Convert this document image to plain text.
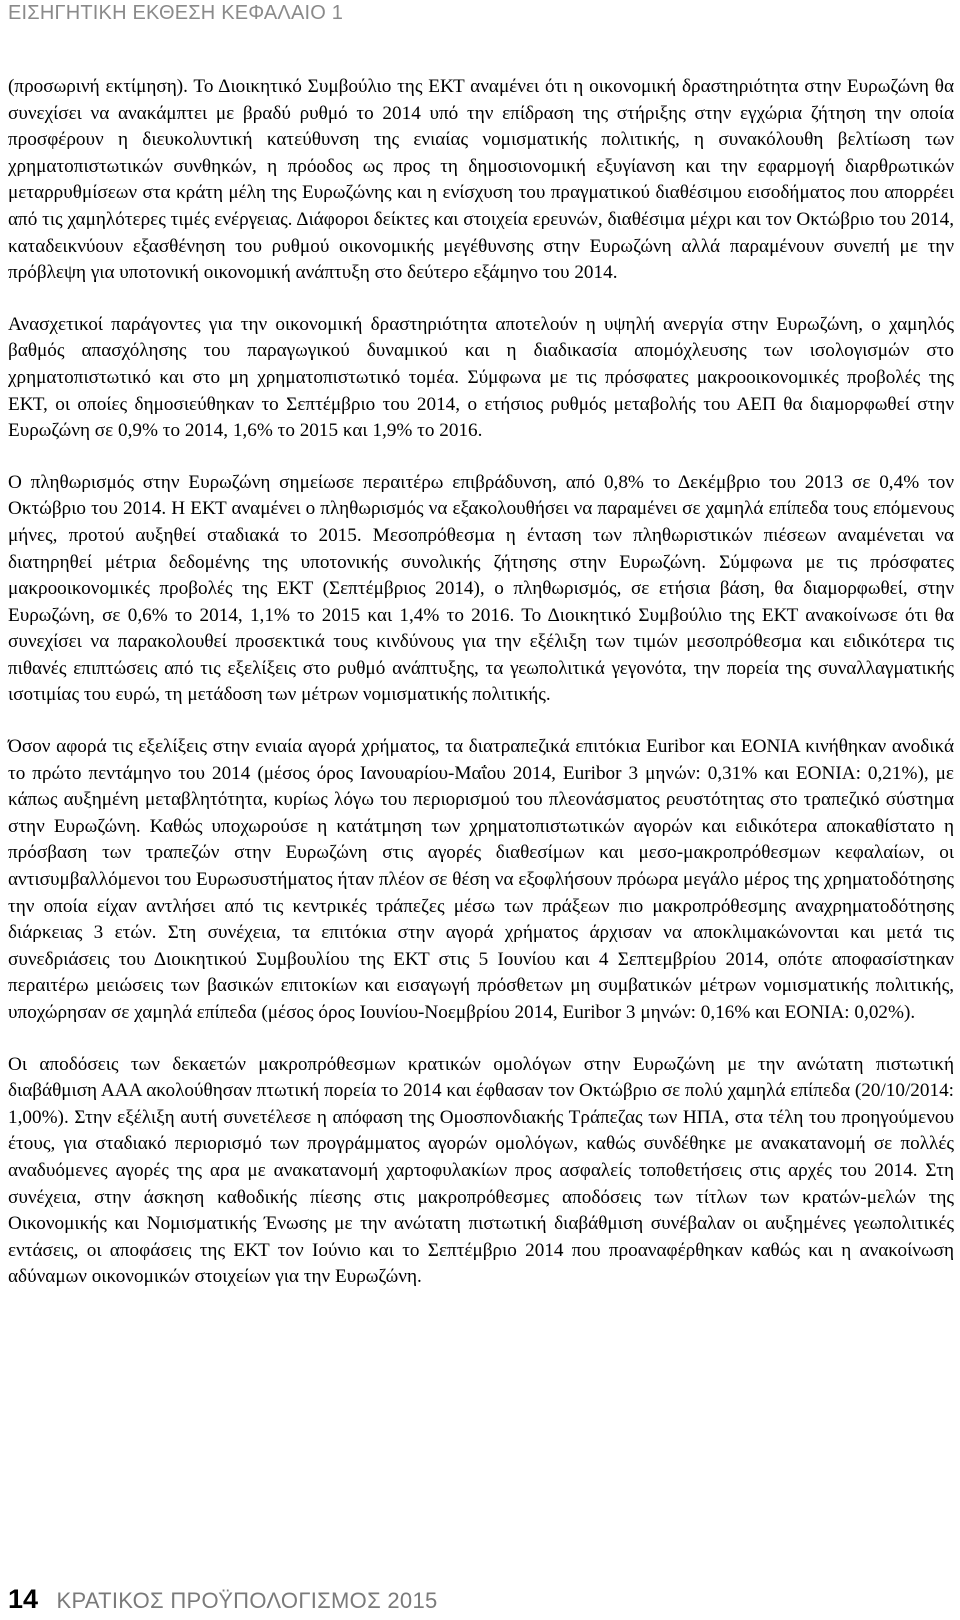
ΕΙΣΗΓΗΤΙΚΗ ΕΚΘΕΣΗ ΚΕΦΑΛΑΙΟ 1

(προσωρινή εκτίμηση). Το Διοικητικό Συμβούλιο της ΕΚΤ αναμένει ότι η οικονομική δραστηριότητα στην Ευρωζώνη θα συνεχίσει να ανακάμπτει με βραδύ ρυθμό το 2014 υπό την επίδραση της στήριξης στην εγχώρια ζήτηση την οποία προσφέρουν η διευκολυντική κατεύθυνση της ενιαίας νομισματικής πολιτικής, η συνακόλουθη βελτίωση των χρηματοπιστωτικών συνθηκών, η πρόοδος ως προς τη δημοσιονομική εξυγίανση και την εφαρμογή διαρθρωτικών μεταρρυθμίσεων στα κράτη μέλη της Ευρωζώνης και η ενίσχυση του πραγματικού διαθέσιμου εισοδήματος που απορρέει από τις χαμηλότερες τιμές ενέργειας. Διάφοροι δείκτες και στοιχεία ερευνών, διαθέσιμα μέχρι και τον Οκτώβριο του 2014, καταδεικνύουν εξασθένηση του ρυθμού οικονομικής μεγέθυνσης στην Ευρωζώνη αλλά παραμένουν συνεπή με την πρόβλεψη για υποτονική οικονομική ανάπτυξη στο δεύτερο εξάμηνο του 2014.

Ανασχετικοί παράγοντες για την οικονομική δραστηριότητα αποτελούν η υψηλή ανεργία στην Ευρωζώνη, ο χαμηλός βαθμός απασχόλησης του παραγωγικού δυναμικού και η διαδικασία απομόχλευσης των ισολογισμών στο χρηματοπιστωτικό και στο μη χρηματοπιστωτικό τομέα. Σύμφωνα με τις πρόσφατες μακροοικονομικές προβολές της ΕΚΤ, οι οποίες δημοσιεύθηκαν το Σεπτέμβριο του 2014, ο ετήσιος ρυθμός μεταβολής του ΑΕΠ θα διαμορφωθεί στην Ευρωζώνη σε 0,9% το 2014, 1,6% το 2015 και 1,9% το 2016.

Ο πληθωρισμός στην Ευρωζώνη σημείωσε περαιτέρω επιβράδυνση, από 0,8% το Δεκέμβριο του 2013 σε 0,4% τον Οκτώβριο του 2014. Η ΕΚΤ αναμένει ο πληθωρισμός να εξακολουθήσει να παραμένει σε χαμηλά επίπεδα τους επόμενους μήνες, προτού αυξηθεί σταδιακά το 2015. Μεσοπρόθεσμα η ένταση των πληθωριστικών πιέσεων αναμένεται να διατηρηθεί μέτρια δεδομένης της υποτονικής συνολικής ζήτησης στην Ευρωζώνη. Σύμφωνα με τις πρόσφατες μακροοικονομικές προβολές της ΕΚΤ (Σεπτέμβριος 2014), ο πληθωρισμός, σε ετήσια βάση, θα διαμορφωθεί, στην Ευρωζώνη, σε 0,6% το 2014, 1,1% το 2015 και 1,4% το 2016. Το Διοικητικό Συμβούλιο της ΕΚΤ ανακοίνωσε ότι θα συνεχίσει να παρακολουθεί προσεκτικά τους κινδύνους για την εξέλιξη των τιμών μεσοπρόθεσμα και ειδικότερα τις πιθανές επιπτώσεις από τις εξελίξεις στο ρυθμό ανάπτυξης, τα γεωπολιτικά γεγονότα, την πορεία της συναλλαγματικής ισοτιμίας του ευρώ, τη μετάδοση των μέτρων νομισματικής πολιτικής.

Όσον αφορά τις εξελίξεις στην ενιαία αγορά χρήματος, τα διατραπεζικά επιτόκια Euribor και EONIA κινήθηκαν ανοδικά το πρώτο πεντάμηνο του 2014 (μέσος όρος Ιανουαρίου-Μαΐου 2014, Euribor 3 μηνών: 0,31% και EONIA: 0,21%), με κάπως αυξημένη μεταβλητότητα, κυρίως λόγω του περιορισμού του πλεονάσματος ρευστότητας στο τραπεζικό σύστημα στην Ευρωζώνη. Καθώς υποχωρούσε η κατάτμηση των χρηματοπιστωτικών αγορών και ειδικότερα αποκαθίστατο η πρόσβαση των τραπεζών στην Ευρωζώνη στις αγορές διαθεσίμων και μεσο-μακροπρόθεσμων κεφαλαίων, οι αντισυμβαλλόμενοι του Ευρωσυστήματος ήταν πλέον σε θέση να εξοφλήσουν πρόωρα μεγάλο μέρος της χρηματοδότησης την οποία είχαν αντλήσει από τις κεντρικές τράπεζες μέσω των πράξεων πιο μακροπρόθεσμης αναχρηματοδότησης διάρκειας 3 ετών. Στη συνέχεια, τα επιτόκια στην αγορά χρήματος άρχισαν να αποκλιμακώνονται και μετά τις συνεδριάσεις του Διοικητικού Συμβουλίου της ΕΚΤ στις 5 Ιουνίου και 4 Σεπτεμβρίου 2014, οπότε αποφασίστηκαν περαιτέρω μειώσεις των βασικών επιτοκίων και εισαγωγή πρόσθετων μη συμβατικών μέτρων νομισματικής πολιτικής, υποχώρησαν σε χαμηλά επίπεδα (μέσος όρος Ιουνίου-Νοεμβρίου 2014, Euribor 3 μηνών: 0,16% και EONIA: 0,02%).

Οι αποδόσεις των δεκαετών μακροπρόθεσμων κρατικών ομολόγων στην Ευρωζώνη με την ανώτατη πιστωτική διαβάθμιση ΑΑΑ ακολούθησαν πτωτική πορεία το 2014 και έφθασαν τον Οκτώβριο σε πολύ χαμηλά επίπεδα (20/10/2014: 1,00%). Στην εξέλιξη αυτή συνετέλεσε η απόφαση της Ομοσπονδιακής Τράπεζας των ΗΠΑ, στα τέλη του προηγούμενου έτους, για σταδιακό περιορισμό των προγράμματος αγορών ομολόγων, καθώς συνδέθηκε με ανακατανομή σε πολλές αναδυόμενες αγορές της αρα με ανακατανομή χαρτοφυλακίων προς ασφαλείς τοποθετήσεις στις αρχές του 2014. Στη συνέχεια, στην άσκηση καθοδικής πίεσης στις μακροπρόθεσμες αποδόσεις των τίτλων των κρατών-μελών της Οικονομικής και Νομισματικής Ένωσης με την ανώτατη πιστωτική διαβάθμιση συνέβαλαν οι αυξημένες γεωπολιτικές εντάσεις, οι αποφάσεις της ΕΚΤ τον Ιούνιο και το Σεπτέμβριο 2014 που προαναφέρθηκαν καθώς και η ανακοίνωση αδύναμων οικονομικών στοιχείων για την Ευρωζώνη.

14 ΚΡΑΤΙΚΟΣ ΠΡΟΫΠΟΛΟΓΙΣΜΟΣ 2015
